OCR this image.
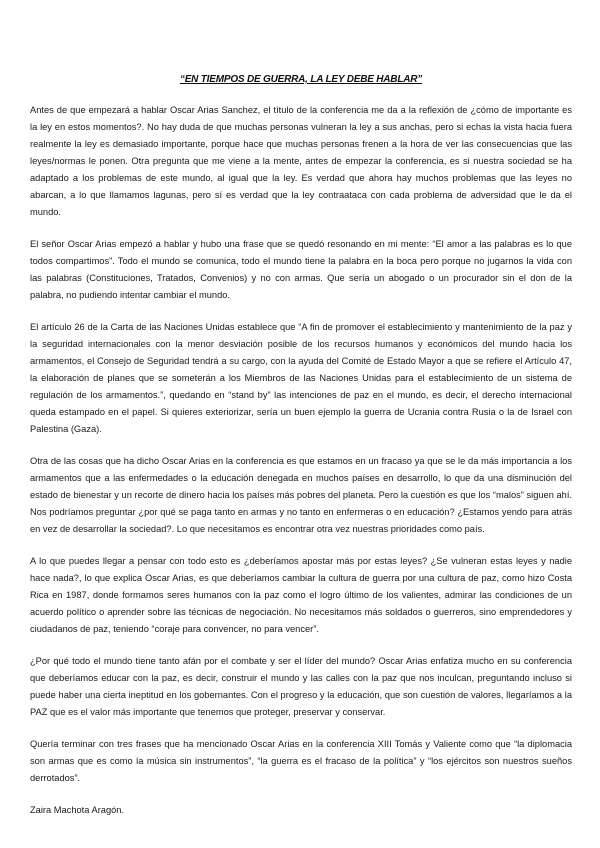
“EN TIEMPOS DE GUERRA, LA LEY DEBE HABLAR”

Antes de que empezará a hablar Oscar Arias Sanchez, el título de la conferencia me da a la reflexión de ¿cómo de importante es la ley en estos momentos?. No hay duda de que muchas personas vulneran la ley a sus anchas, pero si echas la vista hacia fuera realmente la ley es demasiado importante, porque hace que muchas personas frenen a la hora de ver las consecuencias que las leyes/normas le ponen. Otra pregunta que me viene a la mente, antes de empezar la conferencia, es si nuestra sociedad se ha adaptado a los problemas de este mundo, al igual que la ley. Es verdad que ahora hay muchos problemas que las leyes no abarcan, a lo que llamamos lagunas, pero sí es verdad que la ley contraataca con cada problema de adversidad que le da el mundo.

El señor Oscar Arias empezó a hablar y hubo una frase que se quedó resonando en mi mente: “El amor a las palabras es lo que todos compartimos”. Todo el mundo se comunica, todo el mundo tiene la palabra en la boca pero porque no jugarnos la vida con las palabras (Constituciones, Tratados, Convenios) y no con armas. Que sería un abogado o un procurador sin el don de la palabra, no pudiendo intentar cambiar el mundo.

El artículo 26 de la Carta de las Naciones Unidas establece que “A fin de promover el establecimiento y mantenimiento de la paz y la seguridad internacionales con la menor desviación posible de los recursos humanos y económicos del mundo hacia los armamentos, el Consejo de Seguridad tendrá a su cargo, con la ayuda del Comité de Estado Mayor a que se refiere el Artículo 47, la elaboración de planes que se someterán a los Miembros de las Naciones Unidas para el establecimiento de un sistema de regulación de los armamentos.”, quedando en “stand by” las intenciones de paz en el mundo, es decir, el derecho internacional queda estampado en el papel. Si quieres exteriorizar, sería un buen ejemplo la guerra de Ucrania contra Rusia o la de Israel con Palestina (Gaza).

Otra de las cosas que ha dicho Oscar Arias en la conferencia es que estamos en un fracaso ya que se le da más importancia a los armamentos que a las enfermedades o la educación denegada en muchos países en desarrollo, lo que da una disminución del estado de bienestar y un recorte de dinero hacia los países más pobres del planeta. Pero la cuestión es que los “malos” siguen ahí. Nos podríamos preguntar ¿por qué se paga tanto en armas y no tanto en enfermeras o en educación? ¿Estamos yendo para atrás en vez de desarrollar la sociedad?. Lo que necesitamos es encontrar otra vez nuestras prioridades como país.

A lo que puedes llegar a pensar con todo esto es ¿deberíamos apostar más por estas leyes? ¿Se vulneran estas leyes y nadie hace nada?, lo que explica Oscar Arias, es que deberíamos cambiar la cultura de guerra por una cultura de paz, como hizo Costa Rica en 1987, donde formamos seres humanos con la paz como el logro último de los valientes, admirar las condiciones de un acuerdo político o aprender sobre las técnicas de negociación. No necesitamos más soldados o guerreros, sino emprendedores y ciudadanos de paz, teniendo “coraje para convencer, no para vencer”.

¿Por qué todo el mundo tiene tanto afán por el combate y ser el líder del mundo? Oscar Arias enfatiza mucho en su conferencia que deberíamos educar con la paz, es decir, construir el mundo y las calles con la paz que nos inculcan, preguntando incluso si puede haber una cierta ineptitud en los gobernantes. Con el progreso y la educación, que son cuestión de valores, llegaríamos a la PAZ que es el valor más importante que tenemos que proteger, preservar y conservar.

Quería terminar con tres frases que ha mencionado Oscar Arias en la conferencia XIII Tomás y Valiente como que “la diplomacia son armas que es como la música sin instrumentos”, “la guerra es el fracaso de la política” y “los ejércitos son nuestros sueños derrotados”.

Zaira Machota Aragón.
